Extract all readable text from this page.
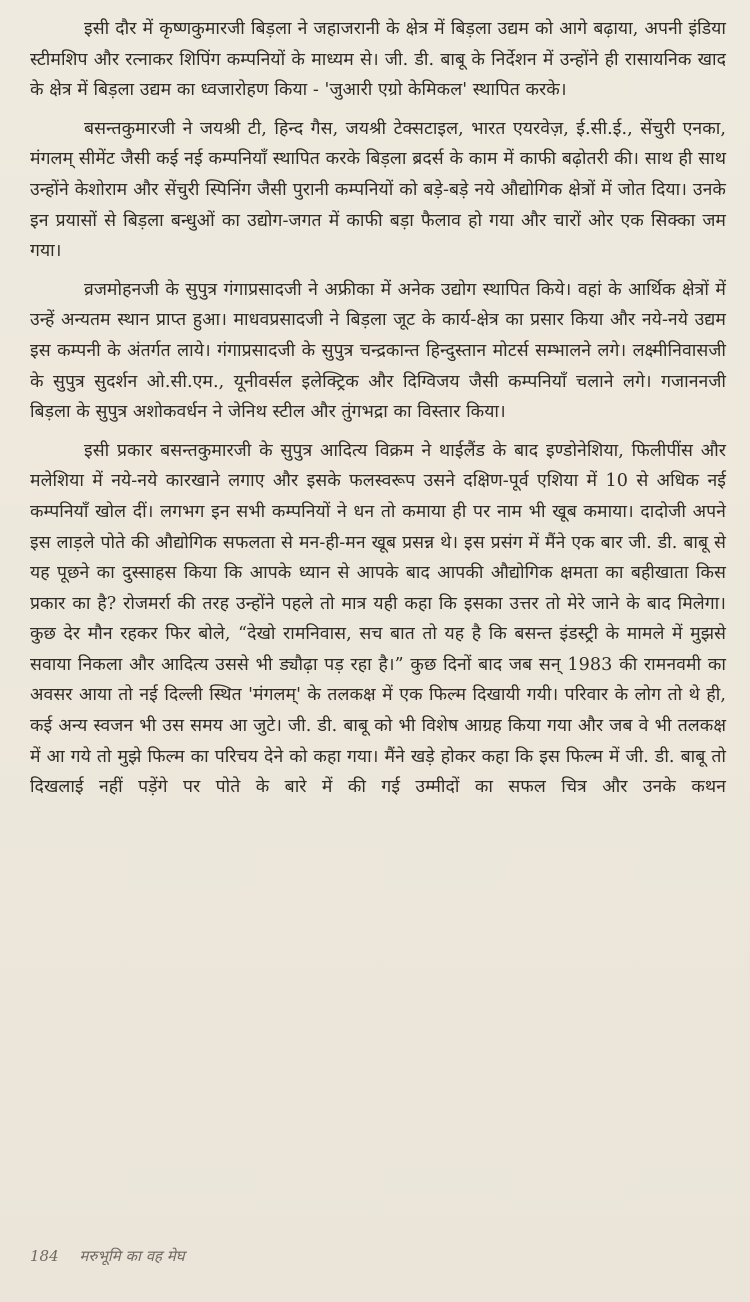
इसी दौर में कृष्णकुमारजी बिड़ला ने जहाजरानी के क्षेत्र में बिड़ला उद्यम को आगे बढ़ाया, अपनी इंडिया स्टीमशिप और रत्नाकर शिपिंग कम्पनियों के माध्यम से। जी. डी. बाबू के निर्देशन में उन्होंने ही रासायनिक खाद के क्षेत्र में बिड़ला उद्यम का ध्वजारोहण किया - 'जुआरी एग्रो केमिकल' स्थापित करके।
बसन्तकुमारजी ने जयश्री टी, हिन्द गैस, जयश्री टेक्सटाइल, भारत एयरवेज़, ई.सी.ई., सेंचुरी एनका, मंगलम् सीमेंट जैसी कई नई कम्पनियाँ स्थापित करके बिड़ला ब्रदर्स के काम में काफी बढ़ोतरी की। साथ ही साथ उन्होंने केशोराम और सेंचुरी स्पिनिंग जैसी पुरानी कम्पनियों को बड़े-बड़े नये औद्योगिक क्षेत्रों में जोत दिया। उनके इन प्रयासों से बिड़ला बन्धुओं का उद्योग-जगत में काफी बड़ा फैलाव हो गया और चारों ओर एक सिक्का जम गया।
व्रजमोहनजी के सुपुत्र गंगाप्रसादजी ने अफ्रीका में अनेक उद्योग स्थापित किये। वहां के आर्थिक क्षेत्रों में उन्हें अन्यतम स्थान प्राप्त हुआ। माधवप्रसादजी ने बिड़ला जूट के कार्य-क्षेत्र का प्रसार किया और नये-नये उद्यम इस कम्पनी के अंतर्गत लाये। गंगाप्रसादजी के सुपुत्र चन्द्रकान्त हिन्दुस्तान मोटर्स सम्भालने लगे। लक्ष्मीनिवासजी के सुपुत्र सुदर्शन ओ.सी.एम., यूनीवर्सल इलेक्ट्रिक और दिग्विजय जैसी कम्पनियाँ चलाने लगे। गजाननजी बिड़ला के सुपुत्र अशोकवर्धन ने जेनिथ स्टील और तुंगभद्रा का विस्तार किया।
इसी प्रकार बसन्तकुमारजी के सुपुत्र आदित्य विक्रम ने थाईलैंड के बाद इण्डोनेशिया, फिलीपींस और मलेशिया में नये-नये कारखाने लगाए और इसके फलस्वरूप उसने दक्षिण-पूर्व एशिया में 10 से अधिक नई कम्पनियाँ खोल दीं। लगभग इन सभी कम्पनियों ने धन तो कमाया ही पर नाम भी खूब कमाया। दादोजी अपने इस लाड़ले पोते की औद्योगिक सफलता से मन-ही-मन खूब प्रसन्न थे। इस प्रसंग में मैंने एक बार जी. डी. बाबू से यह पूछने का दुस्साहस किया कि आपके ध्यान से आपके बाद आपकी औद्योगिक क्षमता का बहीखाता किस प्रकार का है? रोजमर्रा की तरह उन्होंने पहले तो मात्र यही कहा कि इसका उत्तर तो मेरे जाने के बाद मिलेगा। कुछ देर मौन रहकर फिर बोले, “देखो रामनिवास, सच बात तो यह है कि बसन्त इंडस्ट्री के मामले में मुझसे सवाया निकला और आदित्य उससे भी ड्यौढ़ा पड़ रहा है।” कुछ दिनों बाद जब सन् 1983 की रामनवमी का अवसर आया तो नई दिल्ली स्थित 'मंगलम्' के तलकक्ष में एक फिल्म दिखायी गयी। परिवार के लोग तो थे ही, कई अन्य स्वजन भी उस समय आ जुटे। जी. डी. बाबू को भी विशेष आग्रह किया गया और जब वे भी तलकक्ष में आ गये तो मुझे फिल्म का परिचय देने को कहा गया। मैंने खड़े होकर कहा कि इस फिल्म में जी. डी. बाबू तो दिखलाई नहीं पड़ेंगे पर पोते के बारे में की गई उम्मीदों का सफल चित्र और उनके कथन
184 मरुभूमि का वह मेघ
